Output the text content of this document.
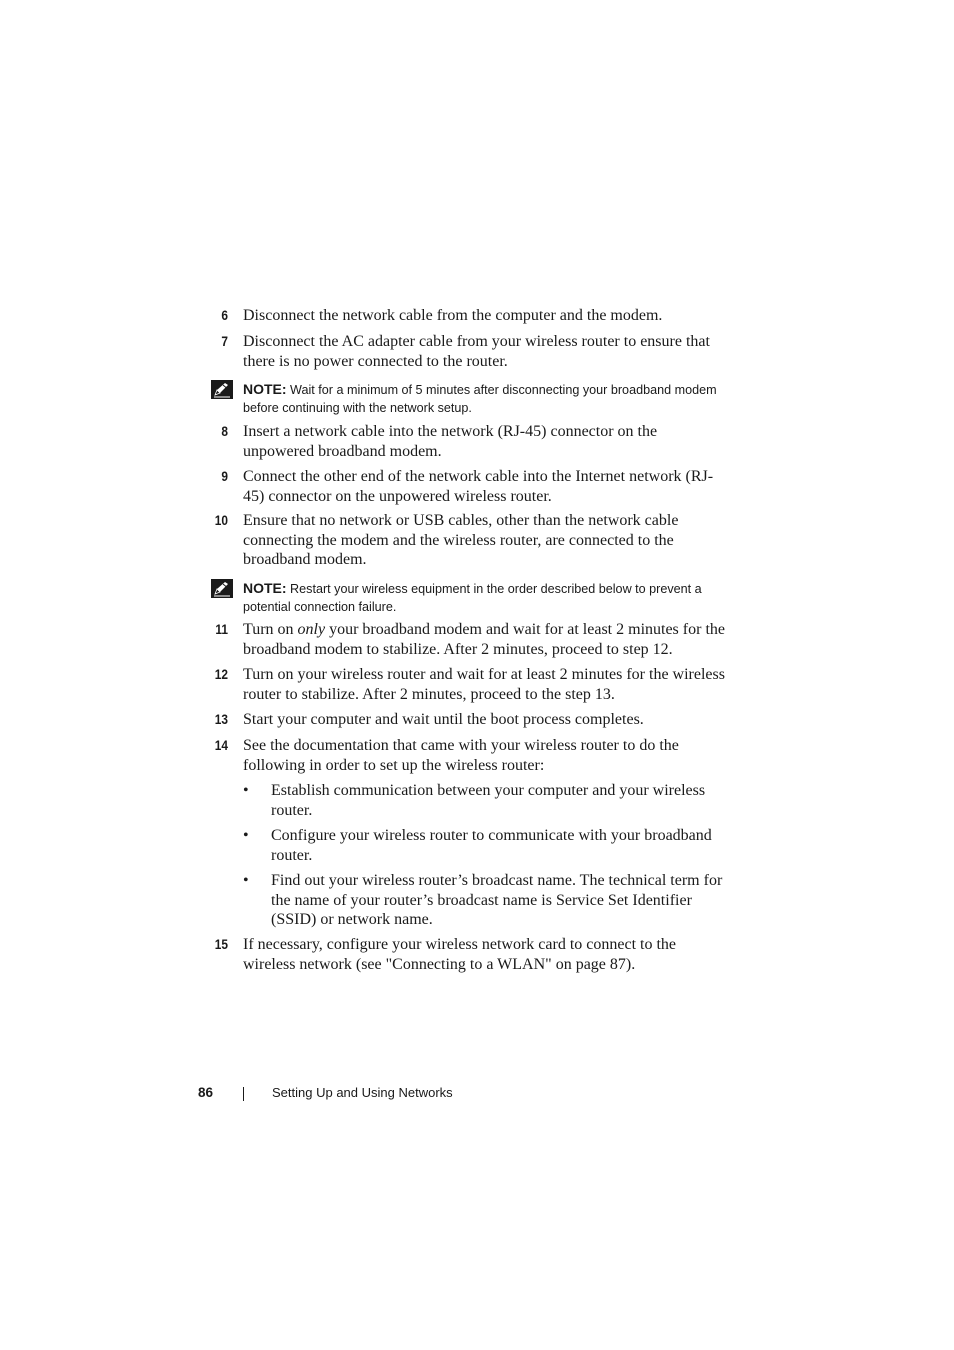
6 Disconnect the network cable from the computer and the modem.
7 Disconnect the AC adapter cable from your wireless router to ensure that there is no power connected to the router.
NOTE: Wait for a minimum of 5 minutes after disconnecting your broadband modem before continuing with the network setup.
8 Insert a network cable into the network (RJ-45) connector on the unpowered broadband modem.
9 Connect the other end of the network cable into the Internet network (RJ-45) connector on the unpowered wireless router.
10 Ensure that no network or USB cables, other than the network cable connecting the modem and the wireless router, are connected to the broadband modem.
NOTE: Restart your wireless equipment in the order described below to prevent a potential connection failure.
11 Turn on only your broadband modem and wait for at least 2 minutes for the broadband modem to stabilize. After 2 minutes, proceed to step 12.
12 Turn on your wireless router and wait for at least 2 minutes for the wireless router to stabilize. After 2 minutes, proceed to the step 13.
13 Start your computer and wait until the boot process completes.
14 See the documentation that came with your wireless router to do the following in order to set up the wireless router:
• Establish communication between your computer and your wireless router.
• Configure your wireless router to communicate with your broadband router.
• Find out your wireless router’s broadcast name. The technical term for the name of your router’s broadcast name is Service Set Identifier (SSID) or network name.
15 If necessary, configure your wireless network card to connect to the wireless network (see "Connecting to a WLAN" on page 87).
86	Setting Up and Using Networks
